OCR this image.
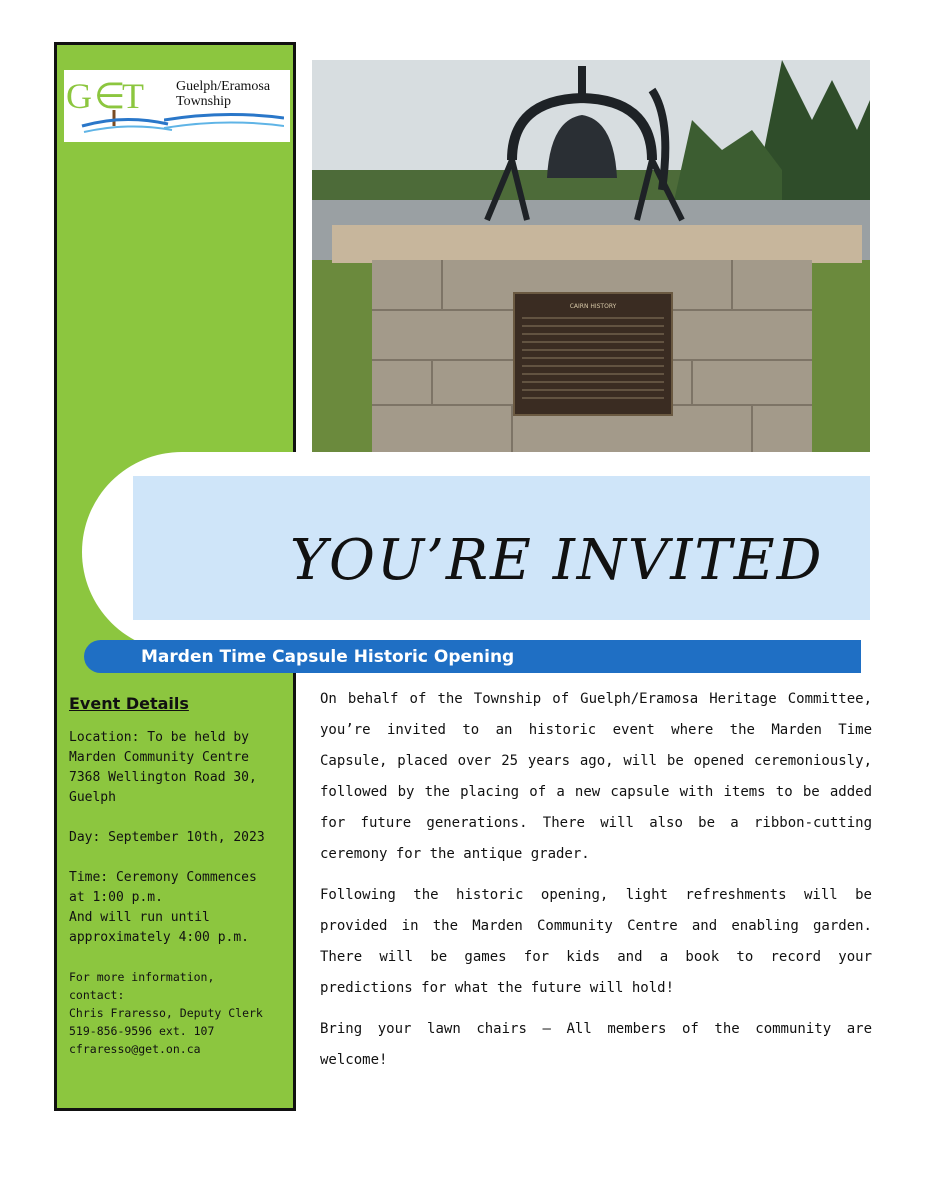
G ∈
T Guelph/Eramosa
Township
CAIRN HISTORY
YOU’RE INVITED
Marden Time Capsule Historic Opening
Event Details

Location: To be held by
Marden Community Centre
7368 Wellington Road 30,
Guelph

Day: September 10th, 2023

Time: Ceremony Commences
at 1:00 p.m.
And will run until
approximately 4:00 p.m.

For more information,
contact:
Chris Fraresso, Deputy Clerk
519-856-9596 ext. 107
cfraresso@get.on.ca

On behalf of the Township of Guelph/Eramosa Heritage Committee, you’re invited to an historic event where the Marden Time Capsule, placed over 25 years ago, will be opened ceremoniously, followed by the placing of a new capsule with items to be added for future generations. There will also be a ribbon-cutting ceremony for the antique grader.

Following the historic opening, light refreshments will be provided in the Marden Community Centre and enabling garden. There will be games for kids and a book to record your predictions for what the future will hold!

Bring your lawn chairs – All members of the community are welcome!
